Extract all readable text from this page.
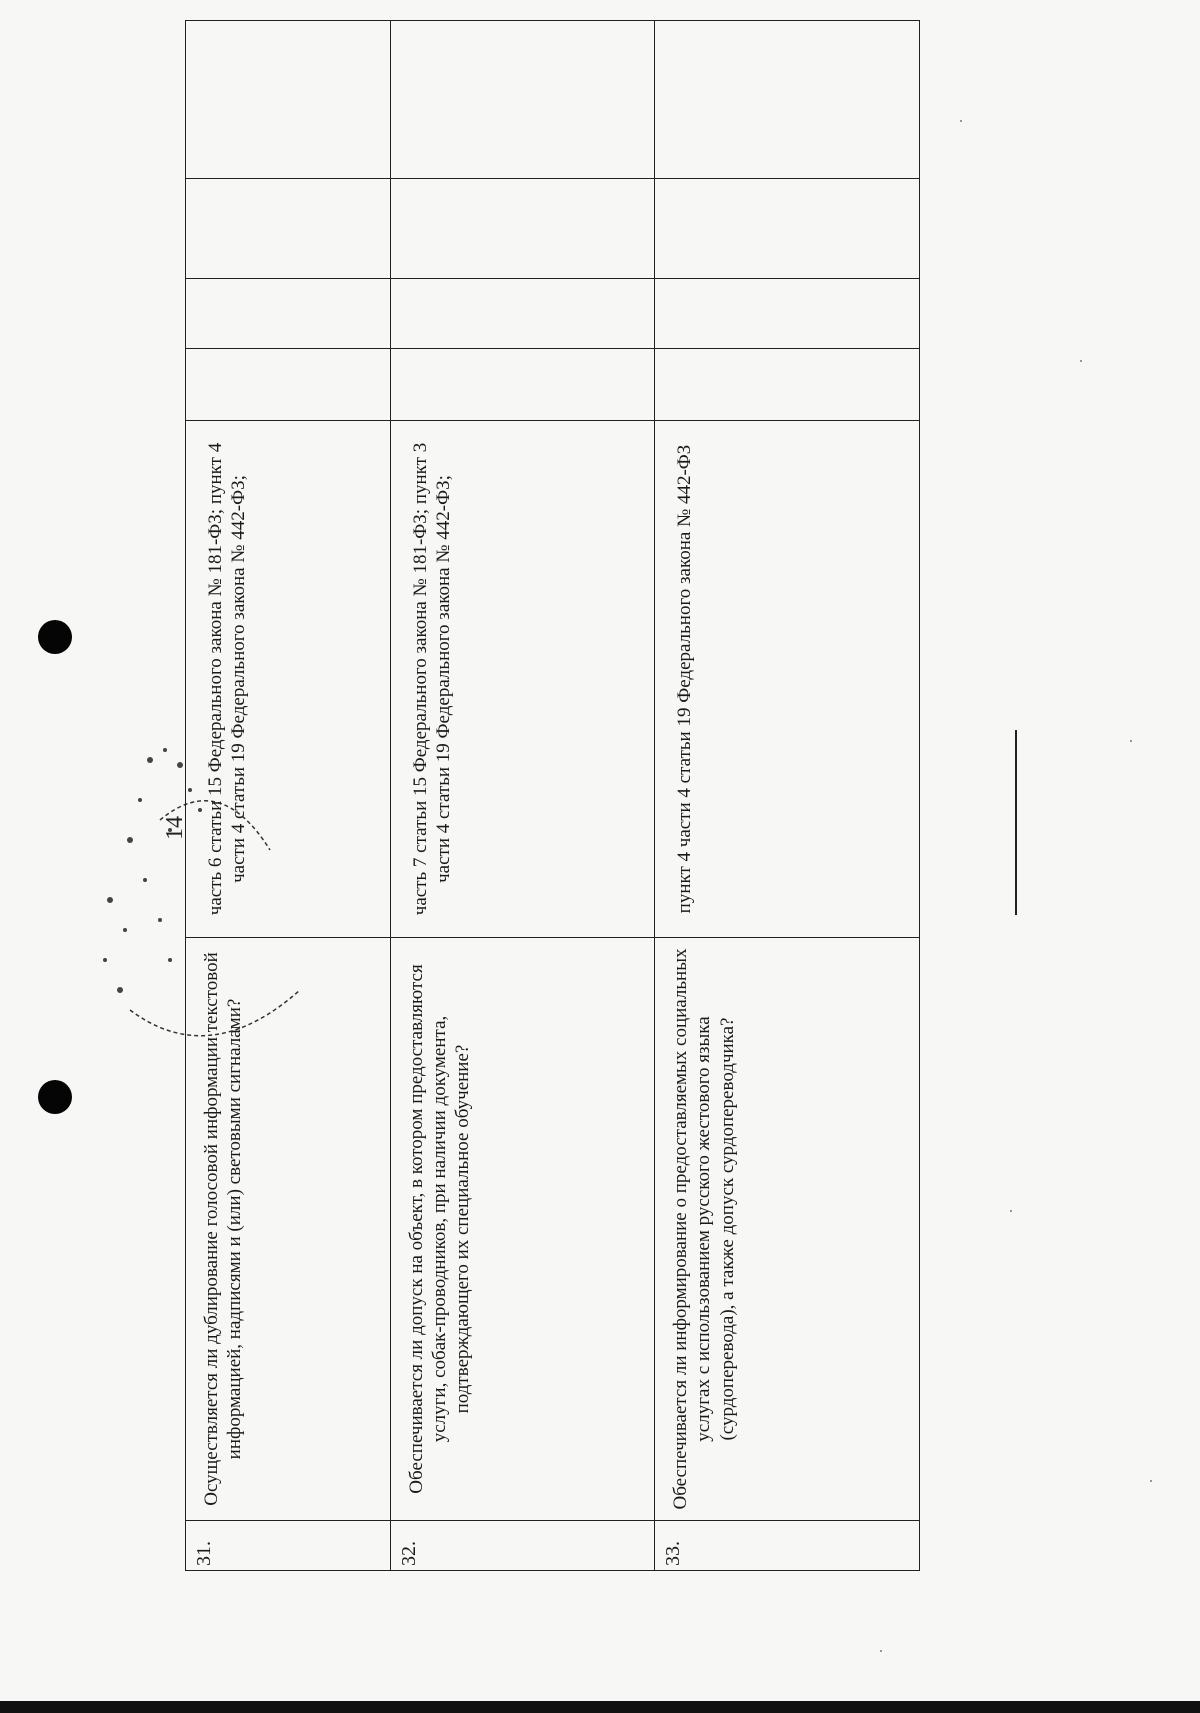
14
31.	Осуществляется ли дублирование голосовой информации текстовой информацией, надписями и (или) световыми сигналами?	часть 6 статьи 15 Федерального закона № 181-ФЗ; пункт 4 части 4 статьи 19 Федерального закона № 442-ФЗ;				
32.	Обеспечивается ли допуск на объект, в котором предоставляются услуги, собак-проводников, при наличии документа, подтверждающего их специальное обучение?	часть 7 статьи 15 Федерального закона № 181-ФЗ; пункт 3 части 4 статьи 19 Федерального закона № 442-ФЗ;				
33.	Обеспечивается ли информирование о предоставляемых социальных услугах с использованием русского жестового языка (сурдоперевода), а также допуск сурдопереводчика?	пункт 4 части 4 статьи 19 Федерального закона № 442-ФЗ				
